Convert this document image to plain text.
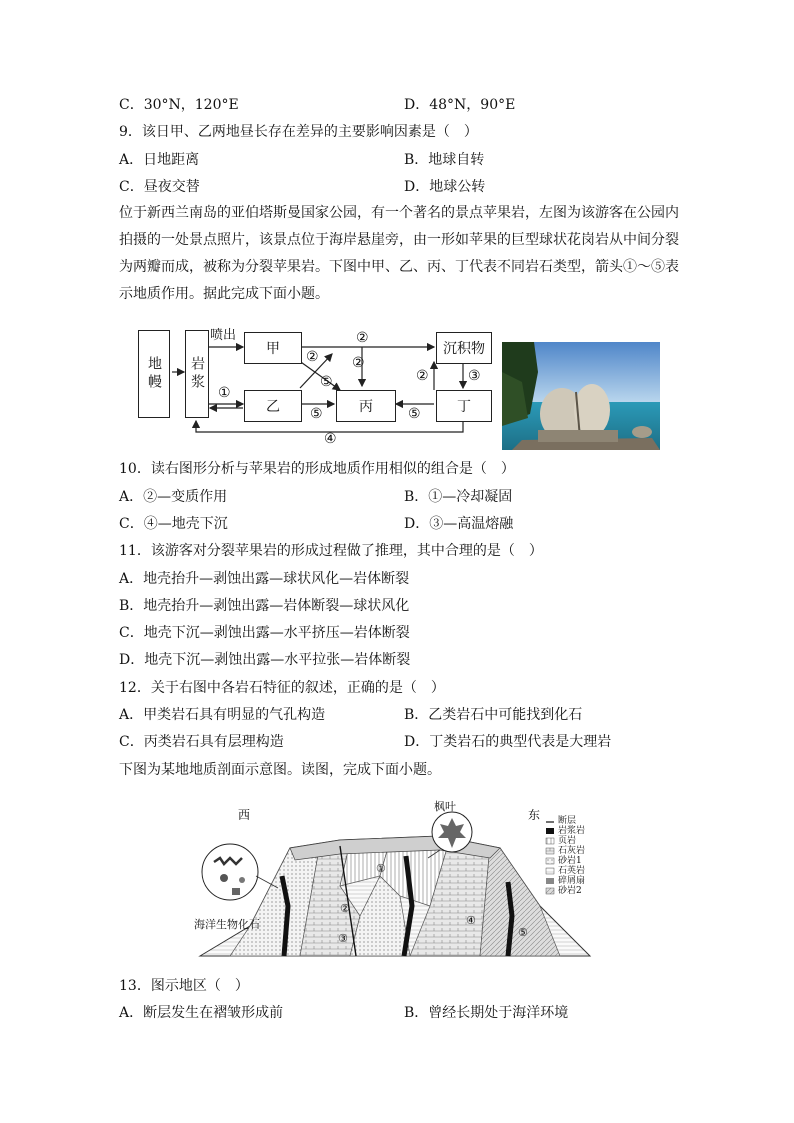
C．30°N，120°E	D．48°N，90°E
9．该日甲、乙两地昼长存在差异的主要影响因素是（　）
A．日地距离	B．地球自转
C．昼夜交替	D．地球公转
位于新西兰南岛的亚伯塔斯曼国家公园，有一个著名的景点苹果岩，左图为该游客在公园内拍摄的一处景点照片，该景点位于海岸悬崖旁，由一形如苹果的巨型球状花岗岩从中间分裂为两瓣而成，被称为分裂苹果岩。下图中甲、乙、丙、丁代表不同岩石类型，箭头①～⑤表示地质作用。据此完成下面小题。
地幔	岩浆
甲
乙	丙
沉积物
丁
喷出
①
②
②
②
②	③
⑤
⑤	⑤
④
10．读右图形分析与苹果岩的形成地质作用相似的组合是（　）
A．②—变质作用	B．①—冷却凝固
C．④—地壳下沉	D．③—高温熔融
11．该游客对分裂苹果岩的形成过程做了推理，其中合理的是（　）
A．地壳抬升—剥蚀出露—球状风化—岩体断裂
B．地壳抬升—剥蚀出露—岩体断裂—球状风化
C．地壳下沉—剥蚀出露—水平挤压—岩体断裂
D．地壳下沉—剥蚀出露—水平拉张—岩体断裂
12．关于右图中各岩石特征的叙述，正确的是（　）
A．甲类岩石具有明显的气孔构造	B．乙类岩石中可能找到化石
C．丙类岩石具有层理构造	D．丁类岩石的典型代表是大理岩
下图为某地地质剖面示意图。读图，完成下面小题。
西	东
枫叶
海洋生物化石
①
②
③
④
⑤
断层
岩浆岩
页岩
石灰岩
砂岩1
石英岩
碎屑扇
砂岩2
13．图示地区（　）
A．断层发生在褶皱形成前	B．曾经长期处于海洋环境
